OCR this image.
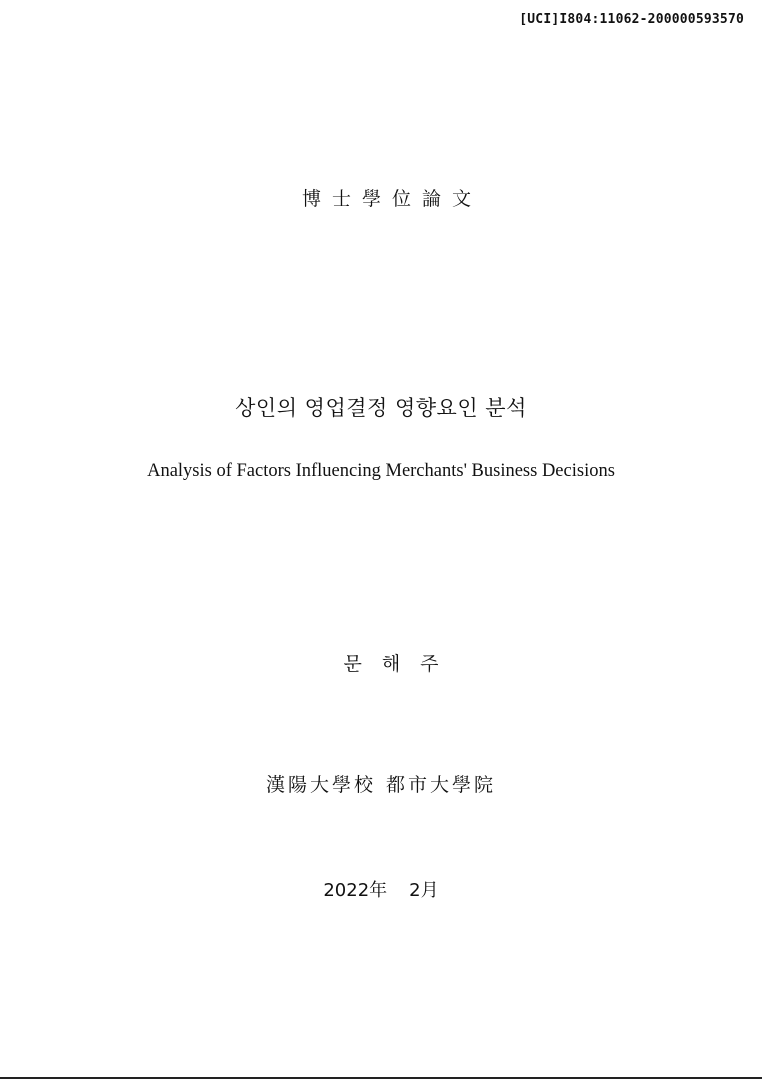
[UCI]I804:11062-200000593570
博士學位論文
상인의 영업결정 영향요인 분석
Analysis of Factors Influencing Merchants' Business Decisions
문해주
漢陽大學校 都市大學院
2022年 2月
